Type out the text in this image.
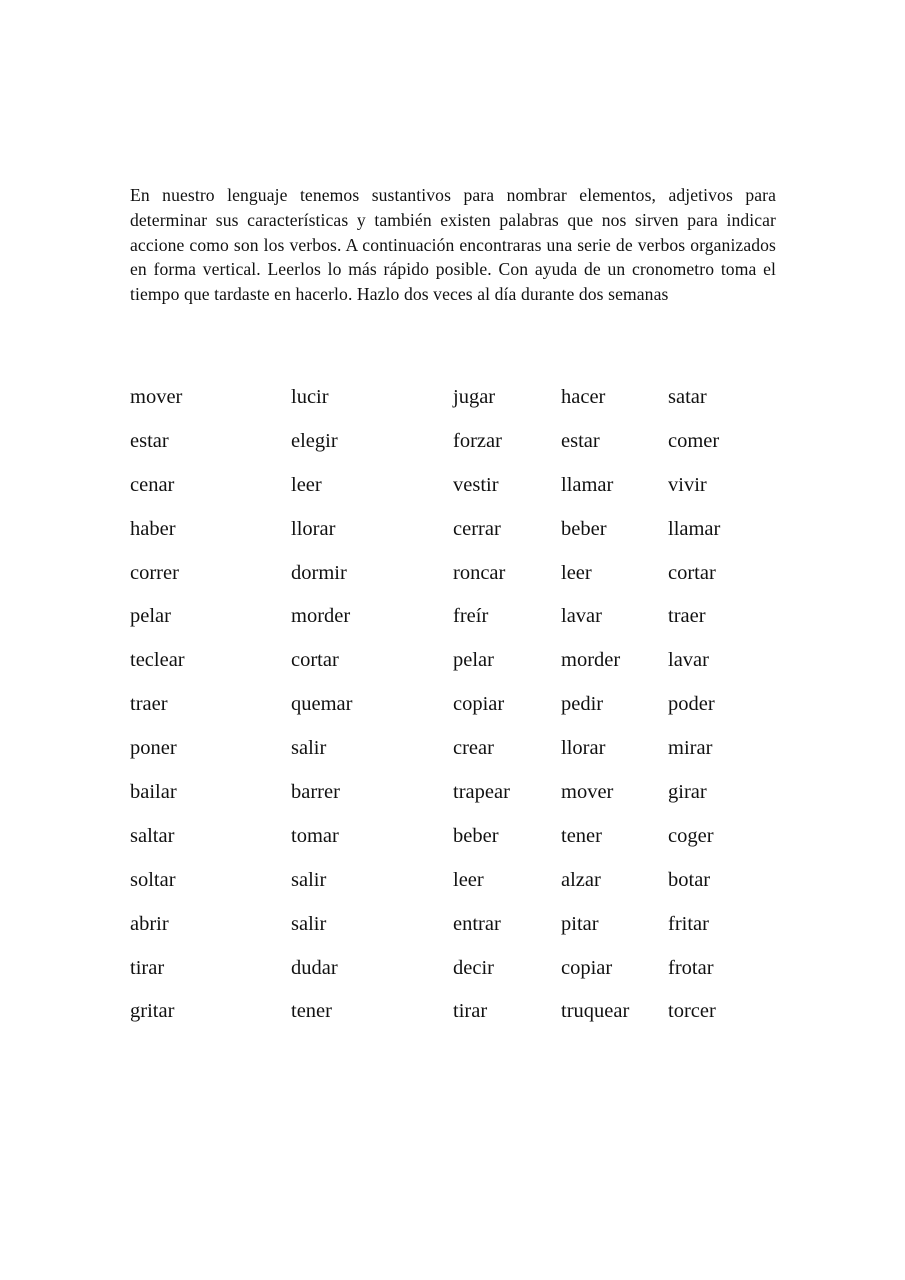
En nuestro lenguaje tenemos sustantivos para nombrar elementos, adjetivos para determinar sus características y también existen palabras que nos sirven para indicar accione como son los verbos. A continuación encontraras una serie de verbos organizados en forma vertical. Leerlos lo más rápido posible. Con ayuda de un cronometro toma el tiempo que tardaste en hacerlo. Hazlo dos veces al día durante dos semanas

mover	lucir	jugar	hacer	satar
estar	elegir	forzar	estar	comer
cenar	leer	vestir	llamar	vivir
haber	llorar	cerrar	beber	llamar
correr	dormir	roncar	leer	cortar
pelar	morder	freír	lavar	traer
teclear	cortar	pelar	morder	lavar
traer	quemar	copiar	pedir	poder
poner	salir	crear	llorar	mirar
bailar	barrer	trapear	mover	girar
saltar	tomar	beber	tener	coger
soltar	salir	leer	alzar	botar
abrir	salir	entrar	pitar	fritar
tirar	dudar	decir	copiar	frotar
gritar	tener	tirar	truquear	torcer
